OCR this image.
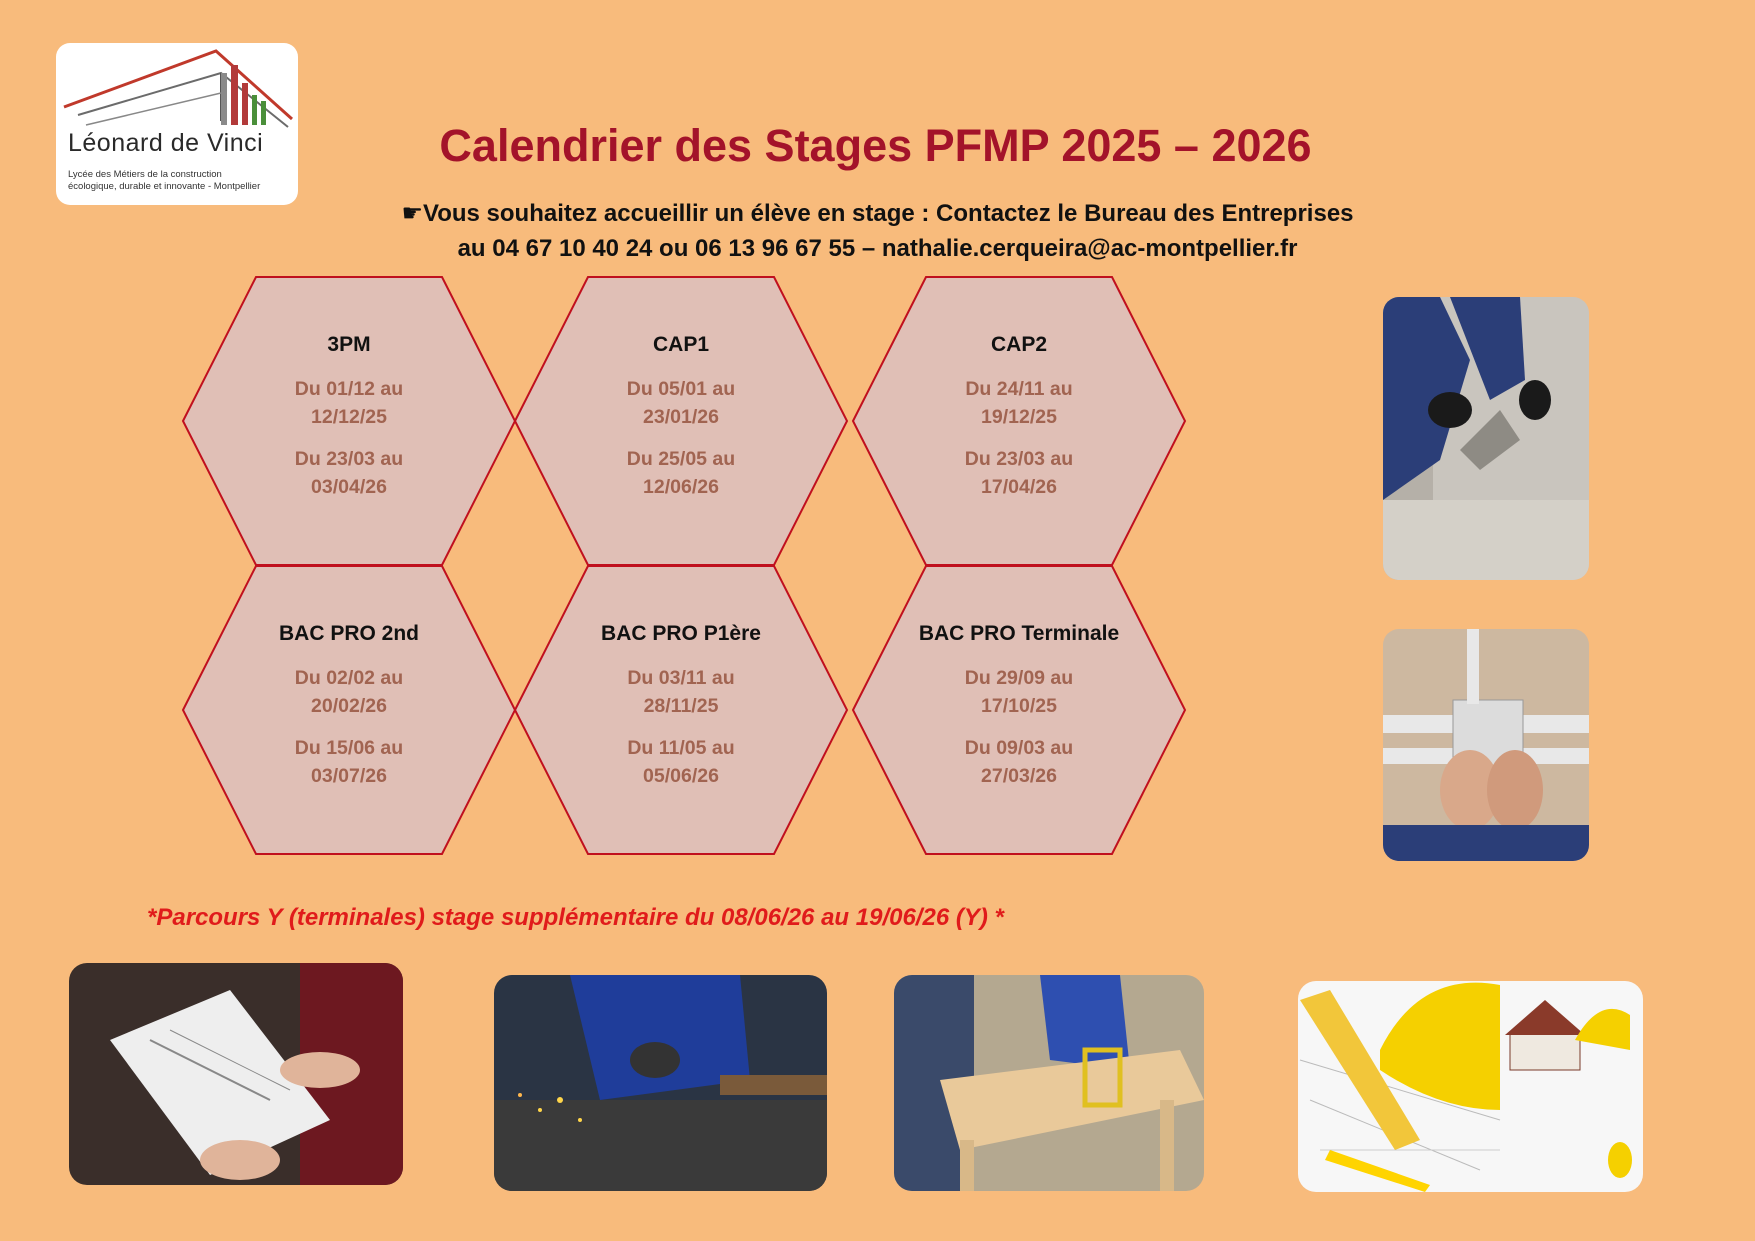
Léonard de Vinci
Lycée des Métiers de la construction
écologique, durable et innovante - Montpellier
Calendrier des Stages PFMP 2025 – 2026
☛Vous souhaitez accueillir un élève en stage : Contactez le Bureau des Entreprises
au 04 67 10 40 24 ou 06 13 96 67 55 – nathalie.cerqueira@ac-montpellier.fr
3PM
Du 01/12 au
12/12/25
Du 23/03 au
03/04/26
CAP1
Du 05/01 au
23/01/26
Du 25/05 au
12/06/26
CAP2
Du 24/11 au
19/12/25
Du 23/03 au
17/04/26
BAC PRO 2nd
Du 02/02 au
20/02/26
Du 15/06 au
03/07/26
BAC PRO P1ère
Du 03/11 au
28/11/25
Du 11/05 au
05/06/26
BAC PRO Terminale
Du 29/09 au
17/10/25
Du 09/03 au
27/03/26
*Parcours Y (terminales) stage supplémentaire du 08/06/26 au 19/06/26 (Y) *
